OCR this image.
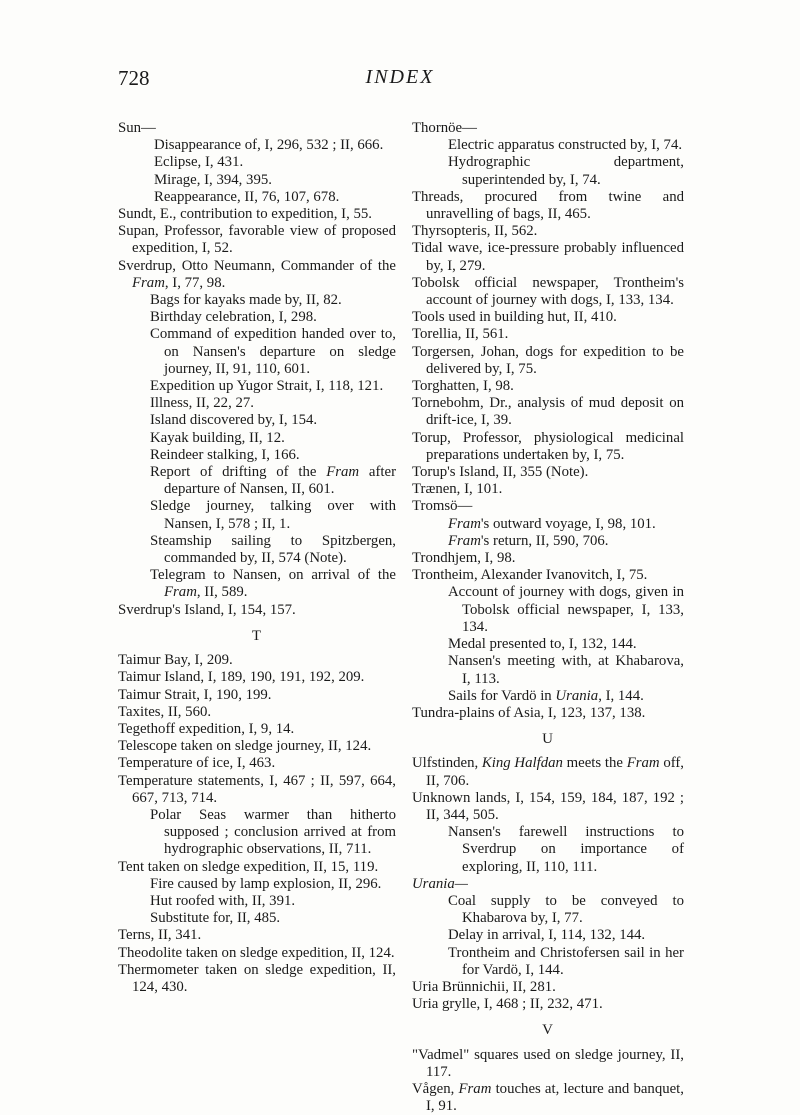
728	INDEX
Sun—
Disappearance of, I, 296, 532 ; II, 666.
Eclipse, I, 431.
Mirage, I, 394, 395.
Reappearance, II, 76, 107, 678.
Sundt, E., contribution to expedition, I, 55.
Supan, Professor, favorable view of proposed expedition, I, 52.
Sverdrup, Otto Neumann, Commander of the Fram, I, 77, 98.
Bags for kayaks made by, II, 82.
Birthday celebration, I, 298.
Command of expedition handed over to, on Nansen's departure on sledge journey, II, 91, 110, 601.
Expedition up Yugor Strait, I, 118, 121.
Illness, II, 22, 27.
Island discovered by, I, 154.
Kayak building, II, 12.
Reindeer stalking, I, 166.
Report of drifting of the Fram after departure of Nansen, II, 601.
Sledge journey, talking over with Nansen, I, 578 ; II, 1.
Steamship sailing to Spitzbergen, commanded by, II, 574 (Note).
Telegram to Nansen, on arrival of the Fram, II, 589.
Sverdrup's Island, I, 154, 157.
T
Taimur Bay, I, 209.
Taimur Island, I, 189, 190, 191, 192, 209.
Taimur Strait, I, 190, 199.
Taxites, II, 560.
Tegethoff expedition, I, 9, 14.
Telescope taken on sledge journey, II, 124.
Temperature of ice, I, 463.
Temperature statements, I, 467 ; II, 597, 664, 667, 713, 714.
Polar Seas warmer than hitherto supposed ; conclusion arrived at from hydrographic observations, II, 711.
Tent taken on sledge expedition, II, 15, 119.
Fire caused by lamp explosion, II, 296.
Hut roofed with, II, 391.
Substitute for, II, 485.
Terns, II, 341.
Theodolite taken on sledge expedition, II, 124.
Thermometer taken on sledge expedition, II, 124, 430.
Thornöe—
Electric apparatus constructed by, I, 74.
Hydrographic department, superintended by, I, 74.
Threads, procured from twine and unravelling of bags, II, 465.
Thyrsopteris, II, 562.
Tidal wave, ice-pressure probably influenced by, I, 279.
Tobolsk official newspaper, Trontheim's account of journey with dogs, I, 133, 134.
Tools used in building hut, II, 410.
Torellia, II, 561.
Torgersen, Johan, dogs for expedition to be delivered by, I, 75.
Torghatten, I, 98.
Tornebohm, Dr., analysis of mud deposit on drift-ice, I, 39.
Torup, Professor, physiological medicinal preparations undertaken by, I, 75.
Torup's Island, II, 355 (Note).
Trænen, I, 101.
Tromsö—
Fram's outward voyage, I, 98, 101.
Fram's return, II, 590, 706.
Trondhjem, I, 98.
Trontheim, Alexander Ivanovitch, I, 75.
Account of journey with dogs, given in Tobolsk official newspaper, I, 133, 134.
Medal presented to, I, 132, 144.
Nansen's meeting with, at Khabarova, I, 113.
Sails for Vardö in Urania, I, 144.
Tundra-plains of Asia, I, 123, 137, 138.
U
Ulfstinden, King Halfdan meets the Fram off, II, 706.
Unknown lands, I, 154, 159, 184, 187, 192 ; II, 344, 505.
Nansen's farewell instructions to Sverdrup on importance of exploring, II, 110, 111.
Urania—
Coal supply to be conveyed to Khabarova by, I, 77.
Delay in arrival, I, 114, 132, 144.
Trontheim and Christofersen sail in her for Vardö, I, 144.
Uria Brünnichii, II, 281.
Uria grylle, I, 468 ; II, 232, 471.
V
"Vadmel" squares used on sledge journey, II, 117.
Vågen, Fram touches at, lecture and banquet, I, 91.
